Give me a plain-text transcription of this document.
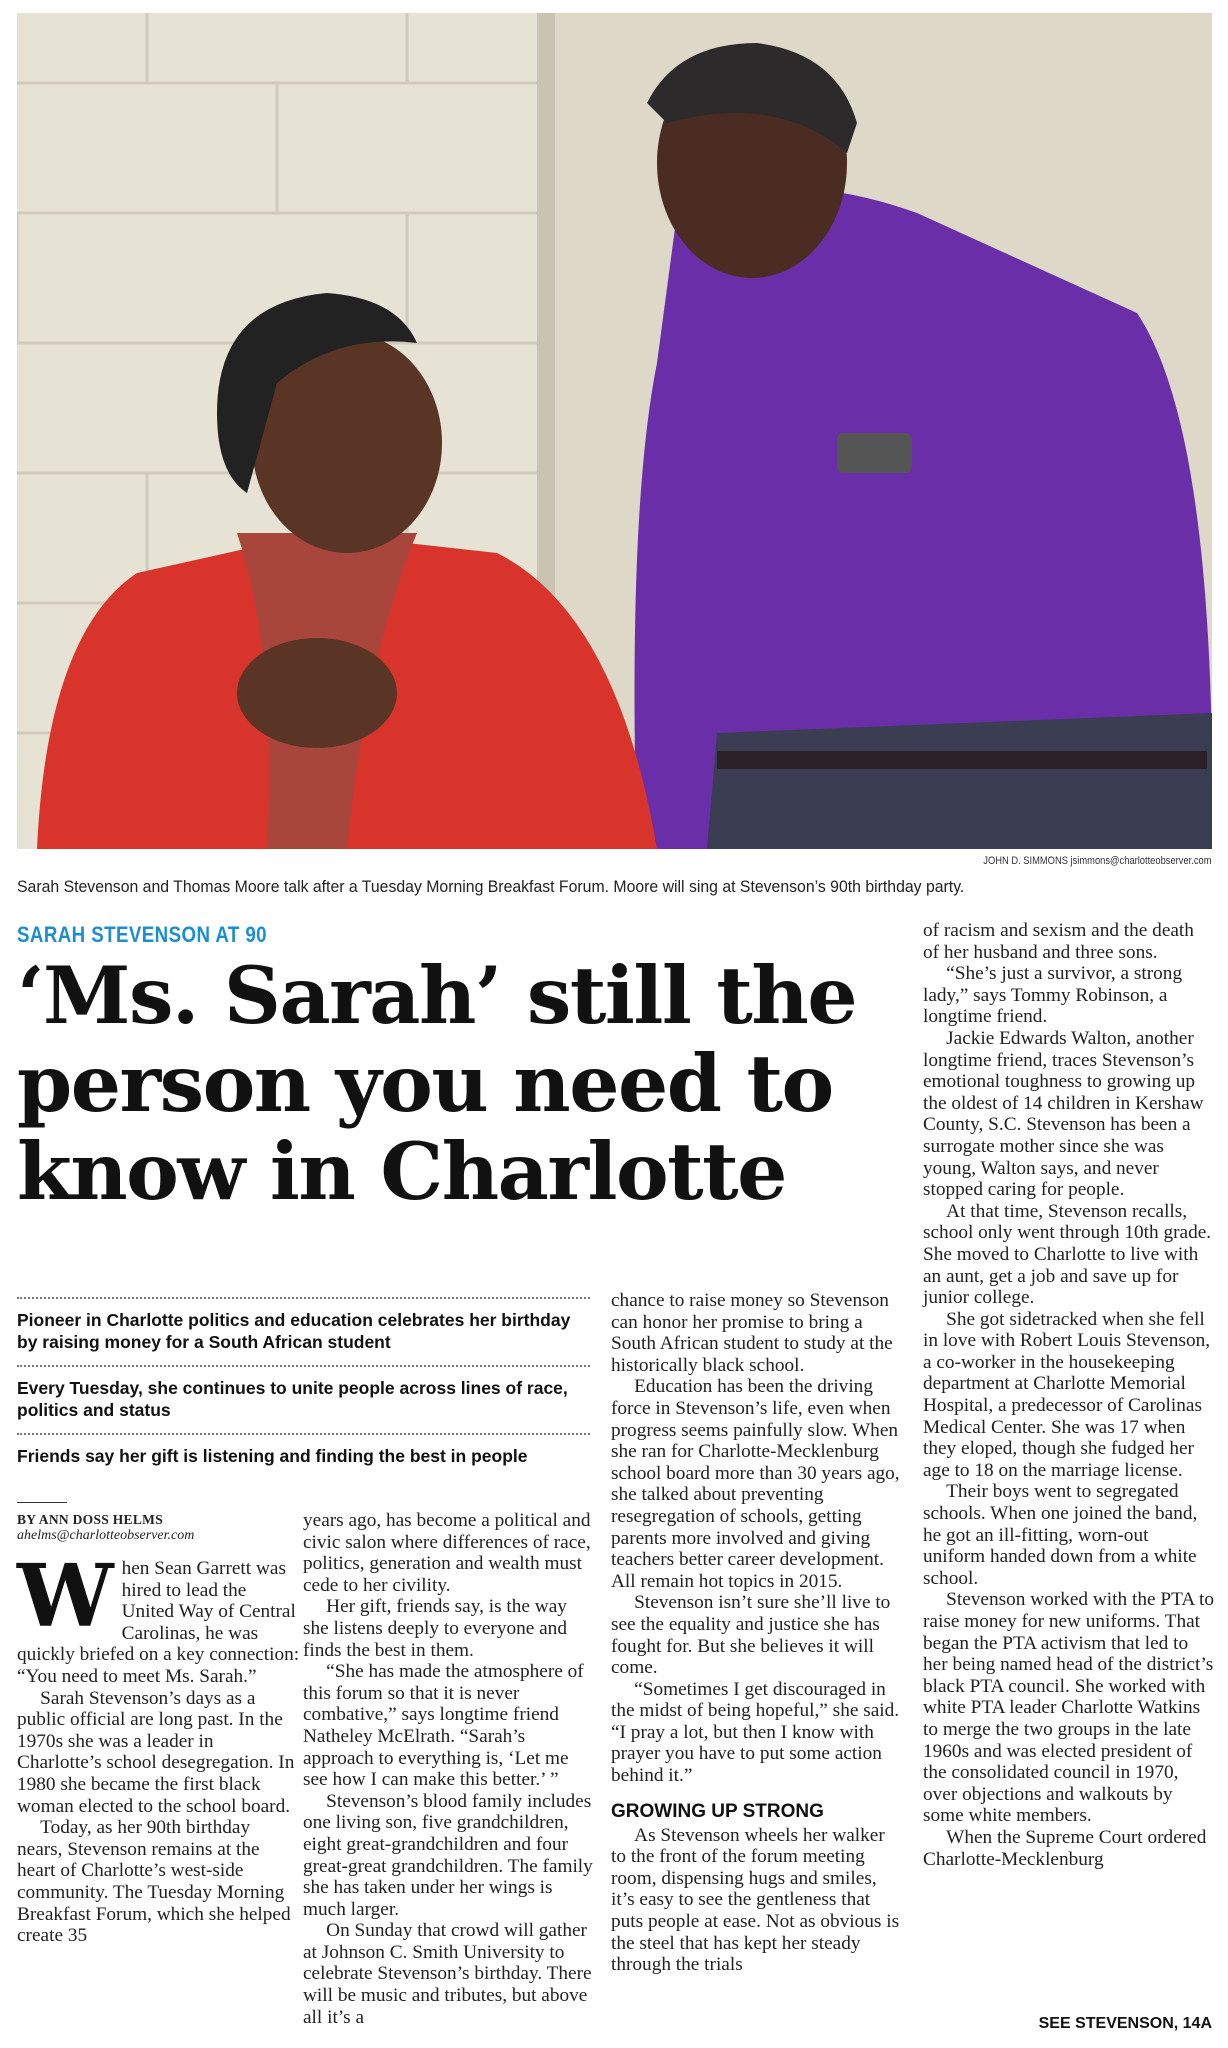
JOHN D. SIMMONS jsimmons@charlotteobserver.com
Sarah Stevenson and Thomas Moore talk after a Tuesday Morning Breakfast Forum. Moore will sing at Stevenson’s 90th birthday party.
SARAH STEVENSON AT 90
‘Ms. Sarah’ still the person you need to know in Charlotte
Pioneer in Charlotte politics and education celebrates her birthday by raising money for a South African student
Every Tuesday, she continues to unite people across lines of race, politics and status
Friends say her gift is listening and finding the best in people
BY ANN DOSS HELMS
ahelms@charlotteobserver.com
W hen Sean Garrett was hired to lead the United Way of Central Carolinas, he was quickly briefed on a key connection: “You need to meet Ms. Sarah.”

Sarah Stevenson’s days as a public official are long past. In the 1970s she was a leader in Charlotte’s school desegregation. In 1980 she became the first black woman elected to the school board.

Today, as her 90th birthday nears, Stevenson remains at the heart of Charlotte’s west-side community. The Tuesday Morning Breakfast Forum, which she helped create 35

years ago, has become a political and civic salon where differences of race, politics, generation and wealth must cede to her civility.

Her gift, friends say, is the way she listens deeply to everyone and finds the best in them.

“She has made the atmosphere of this forum so that it is never combative,” says longtime friend Natheley McElrath. “Sarah’s approach to everything is, ‘Let me see how I can make this better.’ ”

Stevenson’s blood family includes one living son, five grandchildren, eight great-grandchildren and four great-great grandchildren. The family she has taken under her wings is much larger.

On Sunday that crowd will gather at Johnson C. Smith University to celebrate Stevenson’s birthday. There will be music and tributes, but above all it’s a

chance to raise money so Stevenson can honor her promise to bring a South African student to study at the historically black school.

Education has been the driving force in Stevenson’s life, even when progress seems painfully slow. When she ran for Charlotte-Mecklenburg school board more than 30 years ago, she talked about preventing resegregation of schools, getting parents more involved and giving teachers better career development. All remain hot topics in 2015.

Stevenson isn’t sure she’ll live to see the equality and justice she has fought for. But she believes it will come.

“Sometimes I get discouraged in the midst of being hopeful,” she said. “I pray a lot, but then I know with prayer you have to put some action behind it.”

GROWING UP STRONG

As Stevenson wheels her walker to the front of the forum meeting room, dispensing hugs and smiles, it’s easy to see the gentleness that puts people at ease. Not as obvious is the steel that has kept her steady through the trials

of racism and sexism and the death of her husband and three sons.

“She’s just a survivor, a strong lady,” says Tommy Robinson, a longtime friend.

Jackie Edwards Walton, another longtime friend, traces Stevenson’s emotional toughness to growing up the oldest of 14 children in Kershaw County, S.C. Stevenson has been a surrogate mother since she was young, Walton says, and never stopped caring for people.

At that time, Stevenson recalls, school only went through 10th grade. She moved to Charlotte to live with an aunt, get a job and save up for junior college.

She got sidetracked when she fell in love with Robert Louis Stevenson, a co-worker in the housekeeping department at Charlotte Memorial Hospital, a predecessor of Carolinas Medical Center. She was 17 when they eloped, though she fudged her age to 18 on the marriage license.

Their boys went to segregated schools. When one joined the band, he got an ill-fitting, worn-out uniform handed down from a white school.

Stevenson worked with the PTA to raise money for new uniforms. That began the PTA activism that led to her being named head of the district’s black PTA council. She worked with white PTA leader Charlotte Watkins to merge the two groups in the late 1960s and was elected president of the consolidated council in 1970, over objections and walkouts by some white members.

When the Supreme Court ordered Charlotte-Mecklenburg

SEE STEVENSON, 14A
